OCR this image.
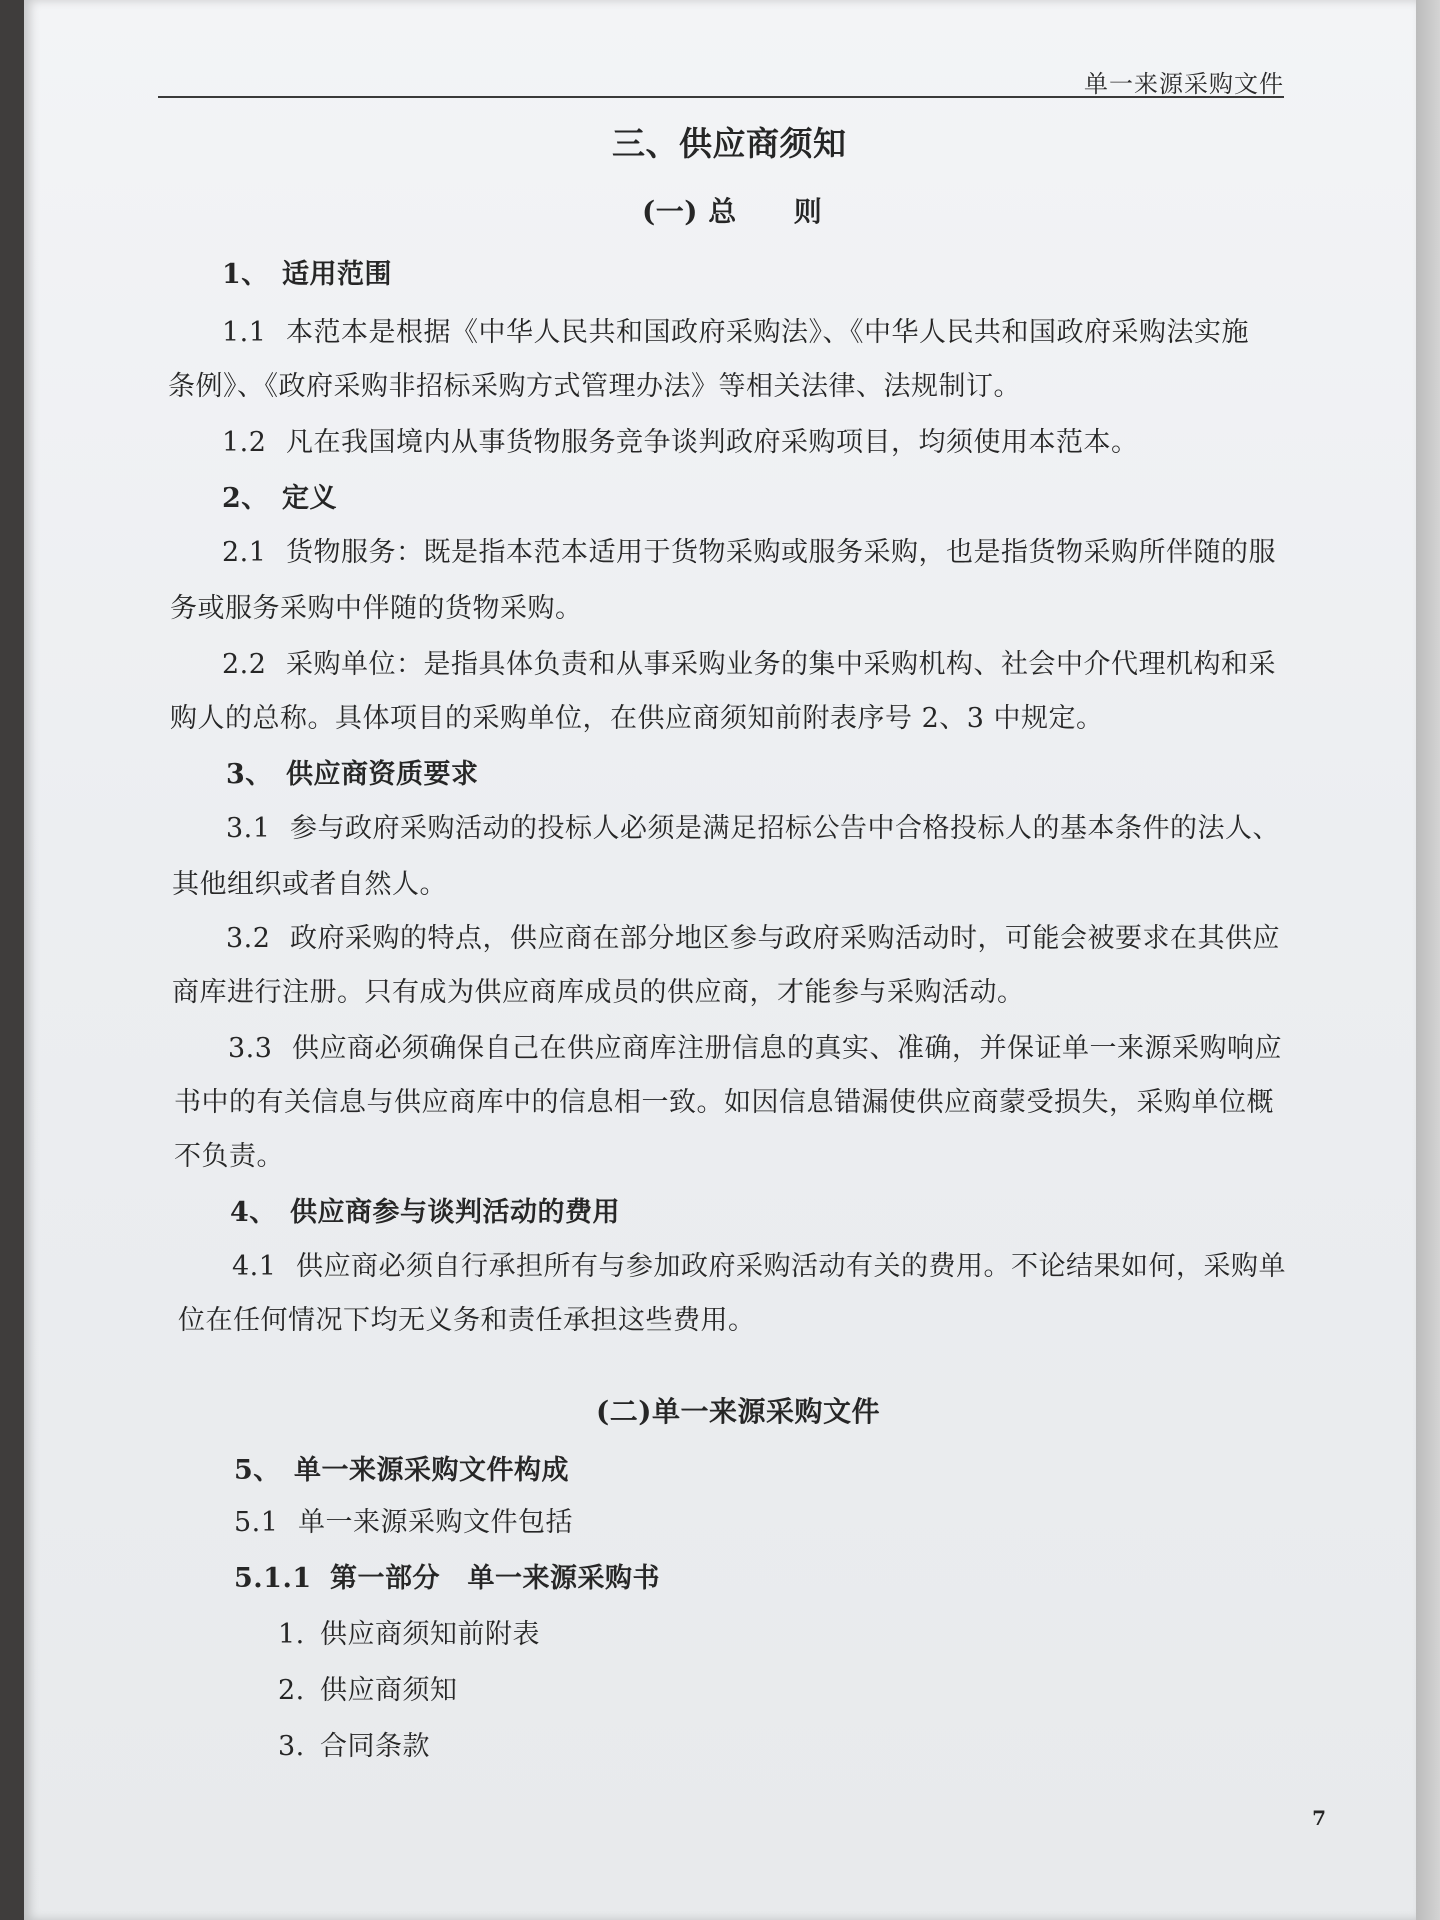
单一来源采购文件
三、供应商须知
(一) 总　　则
1、 适用范围
1.1 本范本是根据《中华人民共和国政府采购法》、《中华人民共和国政府采购法实施
条例》、《政府采购非招标采购方式管理办法》等相关法律、法规制订。
1.2 凡在我国境内从事货物服务竞争谈判政府采购项目，均须使用本范本。
2、 定义
2.1 货物服务：既是指本范本适用于货物采购或服务采购，也是指货物采购所伴随的服
务或服务采购中伴随的货物采购。
2.2 采购单位：是指具体负责和从事采购业务的集中采购机构、社会中介代理机构和采
购人的总称。具体项目的采购单位，在供应商须知前附表序号 2、3 中规定。
3、 供应商资质要求
3.1 参与政府采购活动的投标人必须是满足招标公告中合格投标人的基本条件的法人、
其他组织或者自然人。
3.2 政府采购的特点，供应商在部分地区参与政府采购活动时，可能会被要求在其供应
商库进行注册。只有成为供应商库成员的供应商，才能参与采购活动。
3.3 供应商必须确保自己在供应商库注册信息的真实、准确，并保证单一来源采购响应
书中的有关信息与供应商库中的信息相一致。如因信息错漏使供应商蒙受损失，采购单位概
不负责。
4、 供应商参与谈判活动的费用
4.1 供应商必须自行承担所有与参加政府采购活动有关的费用。不论结果如何，采购单
位在任何情况下均无义务和责任承担这些费用。
(二)单一来源采购文件
5、 单一来源采购文件构成
5.1 单一来源采购文件包括
5.1.1 第一部分　单一来源采购书
1. 供应商须知前附表
2. 供应商须知
3. 合同条款
7
